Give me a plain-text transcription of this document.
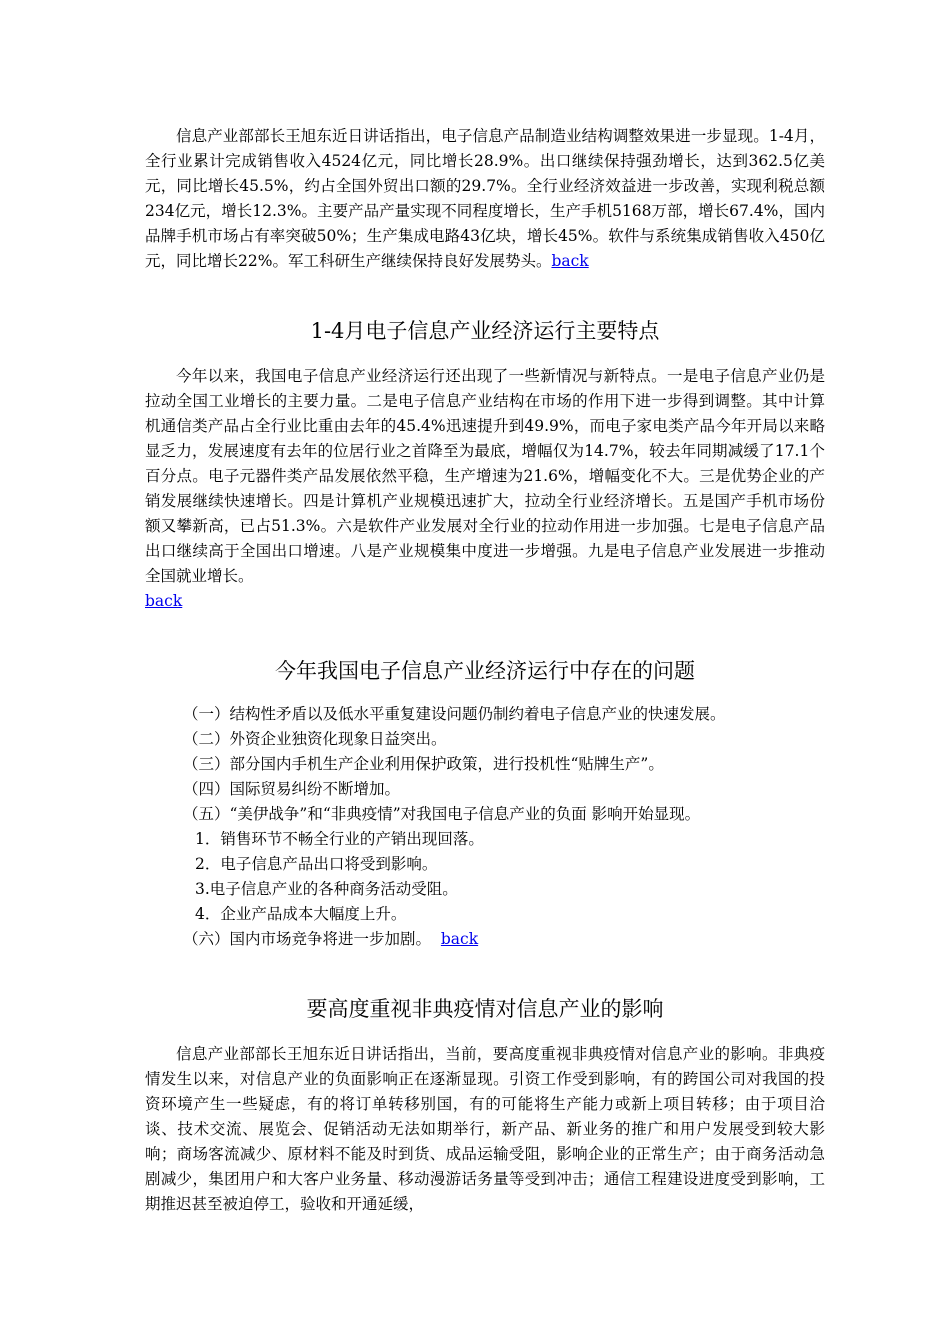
信息产业部部长王旭东近日讲话指出，电子信息产品制造业结构调整效果进一步显现。1-4月，全行业累计完成销售收入4524亿元，同比增长28.9%。出口继续保持强劲增长，达到362.5亿美元，同比增长45.5%，约占全国外贸出口额的29.7%。全行业经济效益进一步改善，实现利税总额234亿元，增长12.3%。主要产品产量实现不同程度增长，生产手机5168万部，增长67.4%，国内品牌手机市场占有率突破50%；生产集成电路43亿块，增长45%。软件与系统集成销售收入450亿元，同比增长22%。军工科研生产继续保持良好发展势头。back

1-4月电子信息产业经济运行主要特点

今年以来，我国电子信息产业经济运行还出现了一些新情况与新特点。一是电子信息产业仍是拉动全国工业增长的主要力量。二是电子信息产业结构在市场的作用下进一步得到调整。其中计算机通信类产品占全行业比重由去年的45.4%迅速提升到49.9%，而电子家电类产品今年开局以来略显乏力，发展速度有去年的位居行业之首降至为最底，增幅仅为14.7%，较去年同期减缓了17.1个百分点。电子元器件类产品发展依然平稳，生产增速为21.6%，增幅变化不大。三是优势企业的产销发展继续快速增长。四是计算机产业规模迅速扩大，拉动全行业经济增长。五是国产手机市场份额又攀新高，已占51.3%。六是软件产业发展对全行业的拉动作用进一步加强。七是电子信息产品出口继续高于全国出口增速。八是产业规模集中度进一步增强。九是电子信息产业发展进一步推动全国就业增长。
back

今年我国电子信息产业经济运行中存在的问题
（一）结构性矛盾以及低水平重复建设问题仍制约着电子信息产业的快速发展。
（二）外资企业独资化现象日益突出。
（三）部分国内手机生产企业利用保护政策，进行投机性“贴牌生产”。
（四）国际贸易纠纷不断增加。
（五）“美伊战争”和“非典疫情”对我国电子信息产业的负面 影响开始显现。
1．销售环节不畅全行业的产销出现回落。
2．电子信息产品出口将受到影响。
3.电子信息产业的各种商务活动受阻。
4．企业产品成本大幅度上升。
（六）国内市场竞争将进一步加剧。 back
要高度重视非典疫情对信息产业的影响

信息产业部部长王旭东近日讲话指出，当前，要高度重视非典疫情对信息产业的影响。非典疫情发生以来，对信息产业的负面影响正在逐渐显现。引资工作受到影响，有的跨国公司对我国的投资环境产生一些疑虑，有的将订单转移别国，有的可能将生产能力或新上项目转移；由于项目洽谈、技术交流、展览会、促销活动无法如期举行，新产品、新业务的推广和用户发展受到较大影响；商场客流减少、原材料不能及时到货、成品运输受阻，影响企业的正常生产；由于商务活动急剧减少，集团用户和大客户业务量、移动漫游话务量等受到冲击；通信工程建设进度受到影响，工期推迟甚至被迫停工，验收和开通延缓，
